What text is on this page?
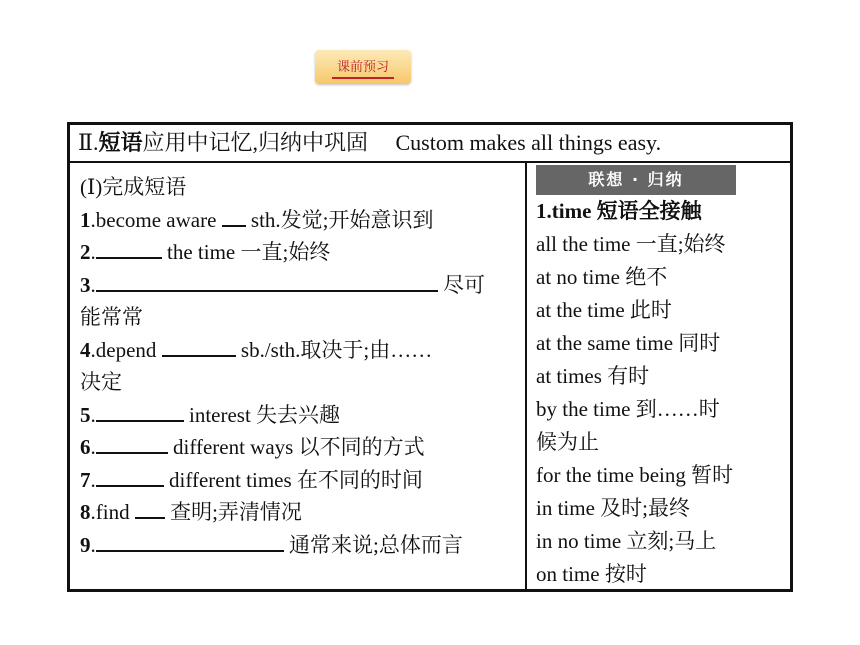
课前预习
Ⅱ.短语应用中记忆,归纳中巩固 Custom makes all things easy.
(Ⅰ)完成短语
1.become aware  sth.发觉;开始意识到
2.	the time 一直;始终
3.	尽可
能常常
4.depend	sb./sth.取决于;由……
决定
5.	interest 失去兴趣
6.	different ways 以不同的方式
7.	different times 在不同的时间
8.find  查明;弄清情况
9.	通常来说;总体而言
联想 · 归纳
1.time 短语全接触
all the time 一直;始终
at no time 绝不
at the time 此时
at the same time 同时
at times 有时
by the time 到……时
候为止
for the time being 暂时
in time 及时;最终
in no time 立刻;马上
on time 按时
